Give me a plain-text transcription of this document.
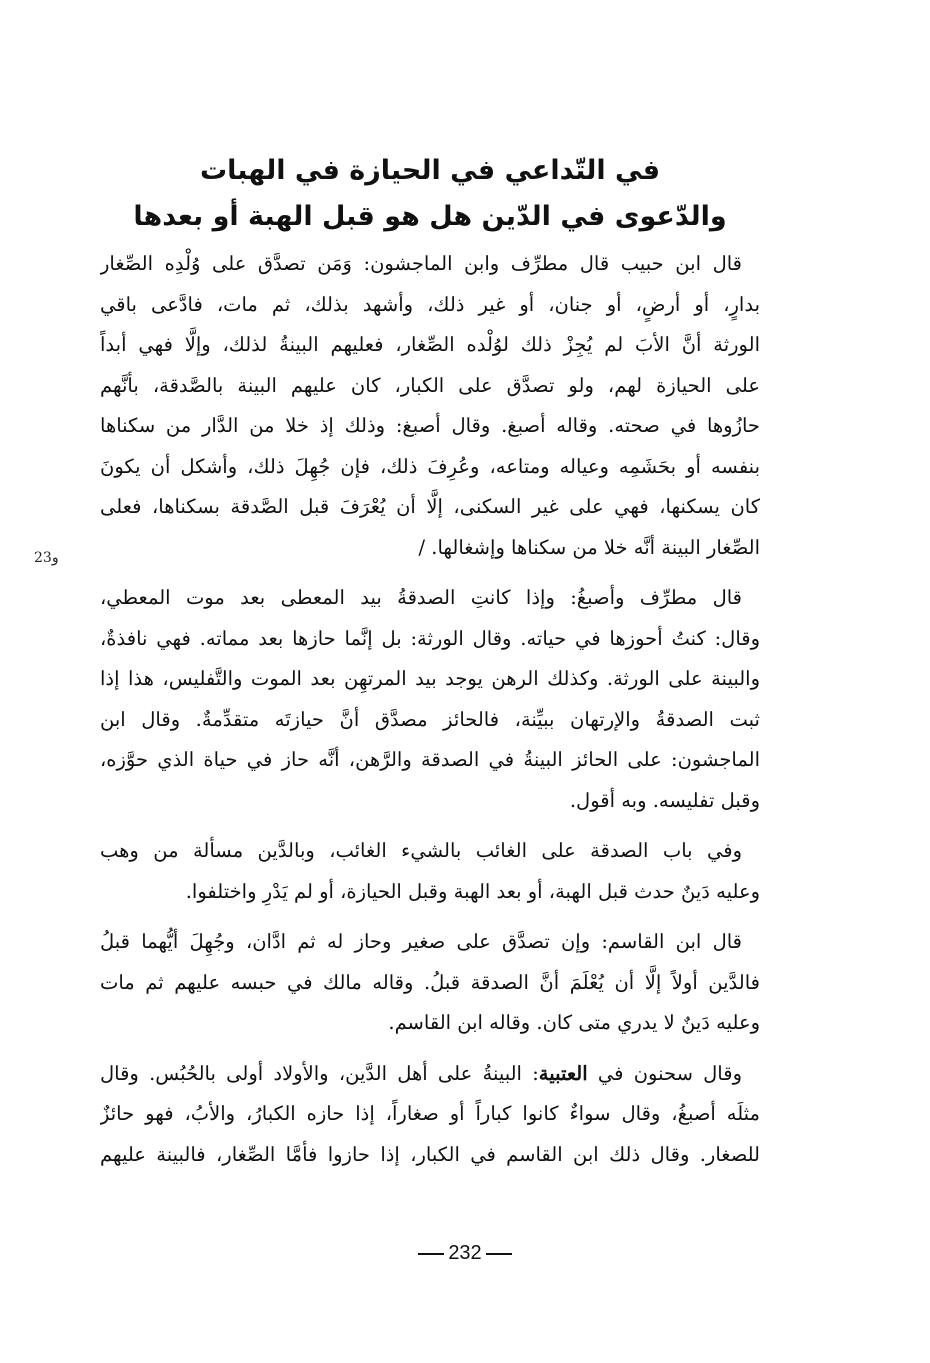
في التّداعي في الحيازة في الهبات
والدّعوى في الدّين هل هو قبل الهبة أو بعدها
و23

قال ابن حبيب قال مطرِّف وابن الماجشون: وَمَن تصدَّق على وُلْدِه الصِّغار
بدارٍ، أو أرضٍ، أو جنان، أو غير ذلك، وأشهد بذلك، ثم مات، فادَّعى باقي
الورثة أنَّ الأبَ لم يُجِزْ ذلك لوُلْده الصِّغار، فعليهم البينةُ لذلك، وإلَّا فهي أبداً
على الحيازة لهم، ولو تصدَّق على الكبار، كان عليهم البينة بالصَّدقة، بأنَّهم
حازُوها في صحته. وقاله أصبغ. وقال أصبغ: وذلك إذ خلا من الدَّار من سكناها
بنفسه أو بحَشَمِه وعياله ومتاعه، وعُرِفَ ذلك، فإن جُهِلَ ذلك، وأشكل أن يكونَ
كان يسكنها، فهي على غير السكنى، إلَّا أن يُعْرَفَ قبل الصَّدقة بسكناها، فعلى
الصِّغار البينة أنَّه خلا من سكناها وإشغالها. /

قال مطرِّف وأصبغُ: وإذا كانتِ الصدقةُ بيد المعطى بعد موت المعطي،
وقال: كنتُ أحوزها في حياته. وقال الورثة: بل إنَّما حازها بعد مماته. فهي نافذةٌ،
والبينة على الورثة. وكذلك الرهن يوجد بيد المرتهِن بعد الموت والتَّفليس، هذا إذا
ثبت الصدقةُ والإرتهان ببيِّنة، فالحائز مصدَّق أنَّ حيازتَه متقدِّمةٌ. وقال ابن
الماجشون: على الحائز البينةُ في الصدقة والرَّهن، أنَّه حاز في حياة الذي حوَّزه،
وقبل تفليسه. وبه أقول.

وفي باب الصدقة على الغائب بالشيء الغائب، وبالدَّين مسألة من وهب
وعليه دَينٌ حدث قبل الهبة، أو بعد الهبة وقبل الحيازة، أو لم يَدْرِ واختلفوا.

قال ابن القاسم: وإن تصدَّق على صغير وحاز له ثم ادَّان، وجُهِلَ أيُّهما قبلُ
فالدَّين أولاً إلَّا أن يُعْلَمَ أنَّ الصدقة قبلُ. وقاله مالك في حبسه عليهم ثم مات
وعليه دَينٌ لا يدري متى كان. وقاله ابن القاسم.

وقال سحنون في العتبية: البينةُ على أهل الدَّين، والأولاد أولى بالحُبُس. وقال
مثلَه أصبغُ، وقال سواءٌ كانوا كباراً أو صغاراً، إذا حازه الكبارُ، والأبُ، فهو حائزٌ
للصغار. وقال ذلك ابن القاسم في الكبار، إذا حازوا فأمَّا الصِّغار، فالبينة عليهم

232
